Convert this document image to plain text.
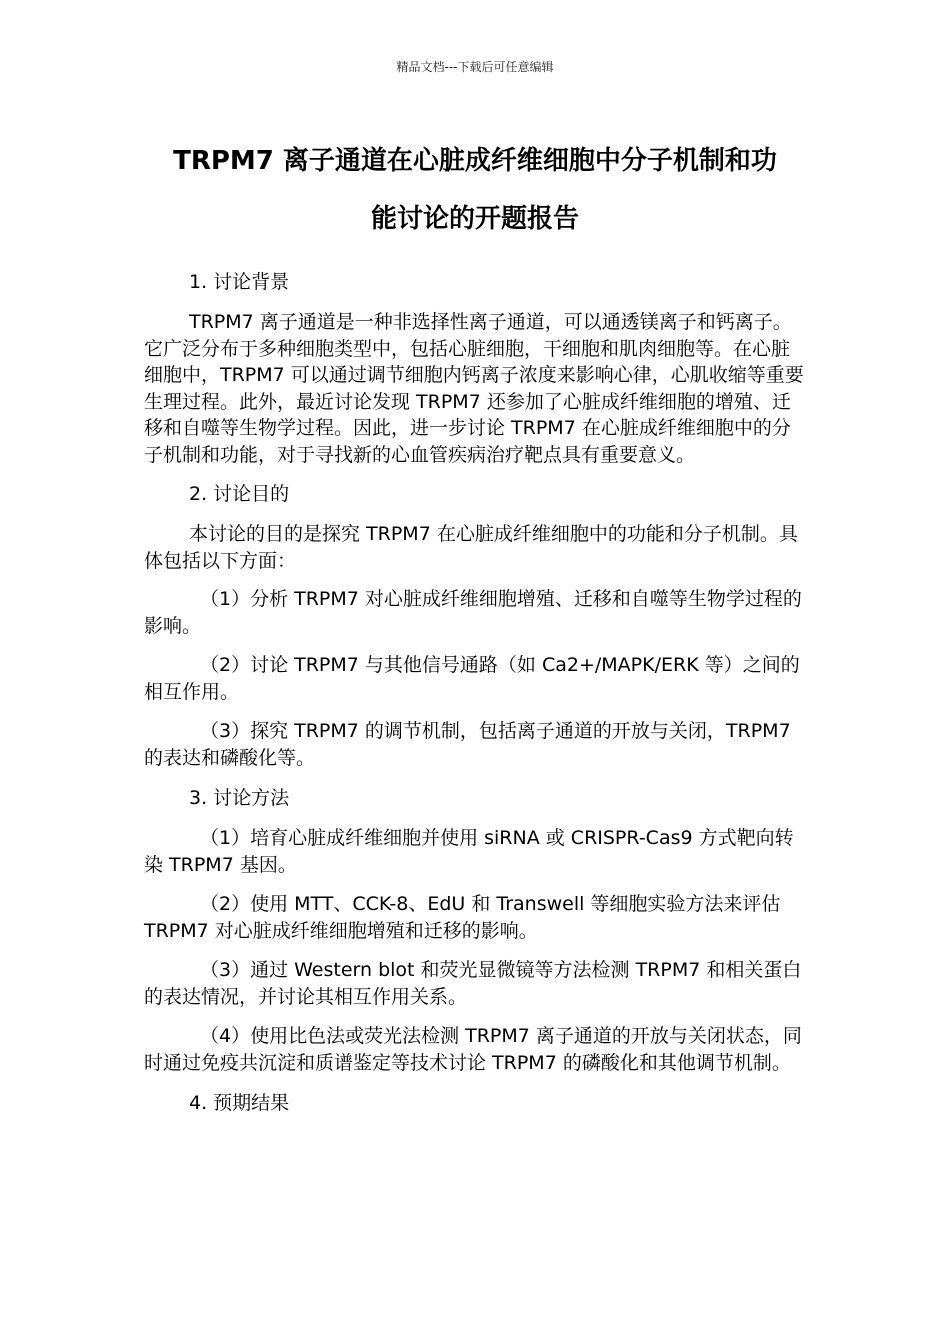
精品文档---下载后可任意编辑
TRPM7 离子通道在心脏成纤维细胞中分子机制和功
能讨论的开题报告

1. 讨论背景

TRPM7 离子通道是一种非选择性离子通道，可以通透镁离子和钙离子。它广泛分布于多种细胞类型中，包括心脏细胞，干细胞和肌肉细胞等。在心脏细胞中，TRPM7 可以通过调节细胞内钙离子浓度来影响心律，心肌收缩等重要生理过程。此外，最近讨论发现 TRPM7 还参加了心脏成纤维细胞的增殖、迁移和自噬等生物学过程。因此，进一步讨论 TRPM7 在心脏成纤维细胞中的分子机制和功能，对于寻找新的心血管疾病治疗靶点具有重要意义。

2. 讨论目的

本讨论的目的是探究 TRPM7 在心脏成纤维细胞中的功能和分子机制。具体包括以下方面：

（1）分析 TRPM7 对心脏成纤维细胞增殖、迁移和自噬等生物学过程的影响。

（2）讨论 TRPM7 与其他信号通路（如 Ca2+/MAPK/ERK 等）之间的相互作用。

（3）探究 TRPM7 的调节机制，包括离子通道的开放与关闭，TRPM7 的表达和磷酸化等。

3. 讨论方法

（1）培育心脏成纤维细胞并使用 siRNA 或 CRISPR-Cas9 方式靶向转染 TRPM7 基因。

（2）使用 MTT、CCK-8、EdU 和 Transwell 等细胞实验方法来评估 TRPM7 对心脏成纤维细胞增殖和迁移的影响。

（3）通过 Western blot 和荧光显微镜等方法检测 TRPM7 和相关蛋白的表达情况，并讨论其相互作用关系。

（4）使用比色法或荧光法检测 TRPM7 离子通道的开放与关闭状态，同时通过免疫共沉淀和质谱鉴定等技术讨论 TRPM7 的磷酸化和其他调节机制。

4. 预期结果
